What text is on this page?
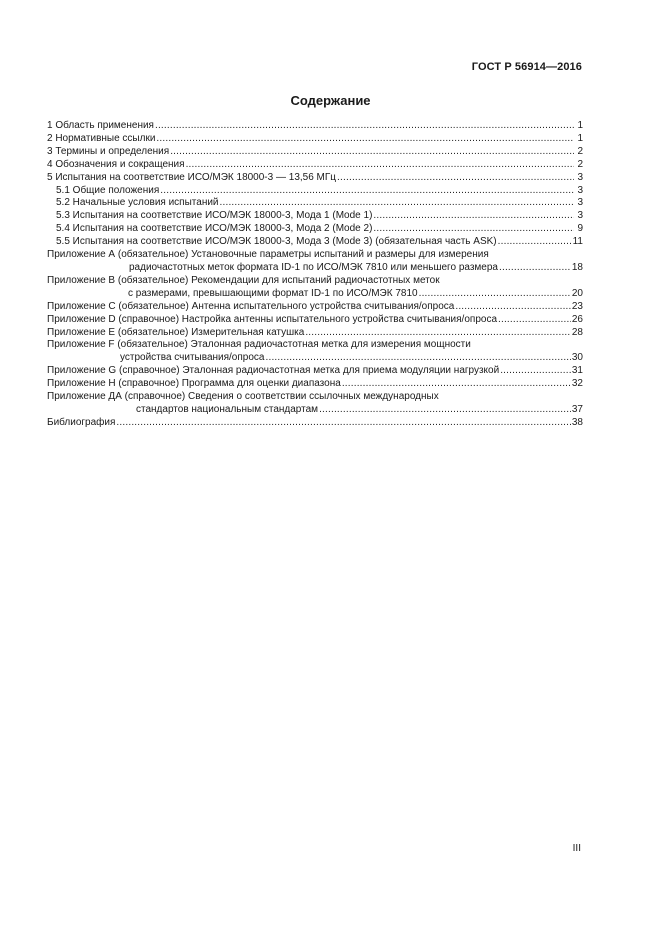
ГОСТ Р 56914—2016
Содержание
1 Область применения .....	1
2 Нормативные ссылки .....	1
3 Термины и определения .....	2
4 Обозначения и сокращения .....	2
5 Испытания на соответствие ИСО/МЭК 18000-3 — 13,56 МГц .....	3
5.1 Общие положения .....	3
5.2 Начальные условия испытаний .....	3
5.3 Испытания на соответствие ИСО/МЭК 18000-3, Мода 1 (Mode 1) .....	3
5.4 Испытания на соответствие ИСО/МЭК 18000-3, Мода 2 (Mode 2) .....	9
5.5 Испытания на соответствие ИСО/МЭК 18000-3, Мода 3 (Mode 3) (обязательная часть ASK) .....	11
Приложение А (обязательное) Установочные параметры испытаний и размеры для измерения
радиочастотных меток формата ID-1 по ИСО/МЭК 7810 или меньшего размера .....	18
Приложение В (обязательное) Рекомендации для испытаний радиочастотных меток
с размерами, превышающими формат ID-1 по ИСО/МЭК 7810 .....	20
Приложение С (обязательное) Антенна испытательного устройства считывания/опроса .....	23
Приложение D (справочное) Настройка антенны испытательного устройства считывания/опроса .....	26
Приложение Е (обязательное) Измерительная катушка .....	28
Приложение F (обязательное) Эталонная радиочастотная метка для измерения мощности
устройства считывания/опроса .....	30
Приложение G (справочное) Эталонная радиочастотная метка для приема модуляции нагрузкой .....	31
Приложение Н (справочное) Программа для оценки диапазона .....	32
Приложение ДА (справочное) Сведения о соответствии ссылочных международных
стандартов национальным стандартам .....	37
Библиография .....	38
III
